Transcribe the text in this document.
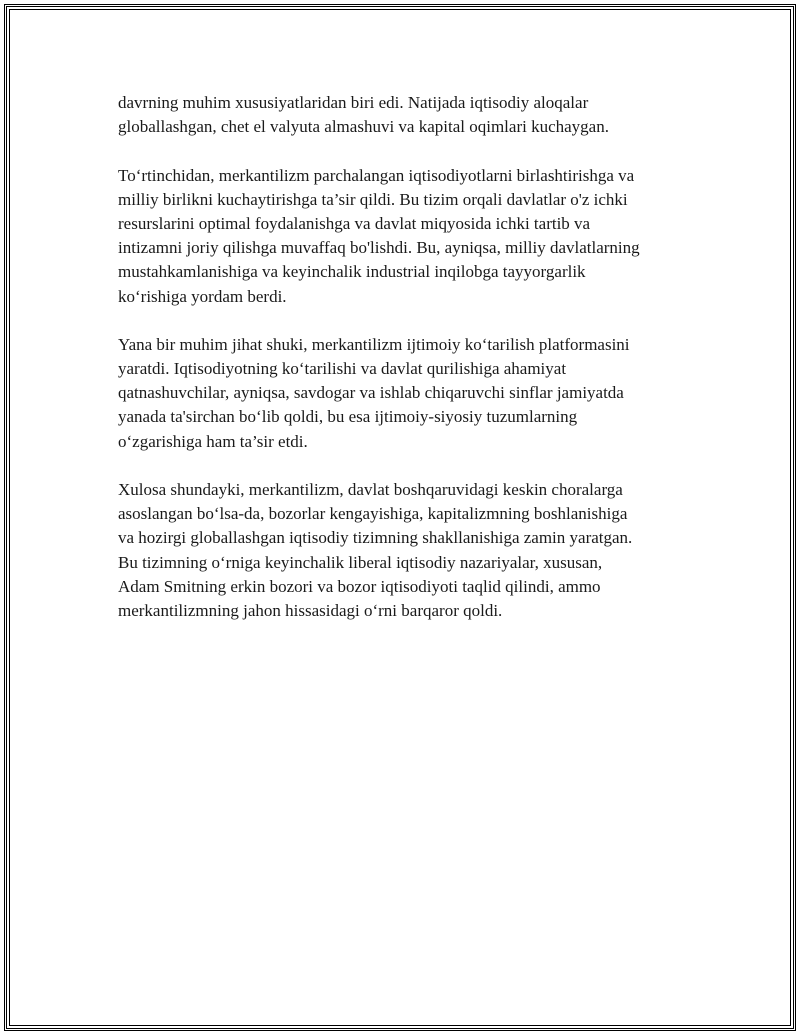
davrning muhim xususiyatlaridan biri edi. Natijada iqtisodiy aloqalar
globallashgan, chet el valyuta almashuvi va kapital oqimlari kuchaygan.
To‘rtinchidan, merkantilizm parchalangan iqtisodiyotlarni birlashtirishga va
milliy birlikni kuchaytirishga ta’sir qildi. Bu tizim orqali davlatlar o'z ichki
resurslarini optimal foydalanishga va davlat miqyosida ichki tartib va
intizamni joriy qilishga muvaffaq bo'lishdi. Bu, ayniqsa, milliy davlatlarning
mustahkamlanishiga va keyinchalik industrial inqilobga tayyorgarlik
ko‘rishiga yordam berdi.
Yana bir muhim jihat shuki, merkantilizm ijtimoiy ko‘tarilish platformasini
yaratdi. Iqtisodiyotning ko‘tarilishi va davlat qurilishiga ahamiyat
qatnashuvchilar, ayniqsa, savdogar va ishlab chiqaruvchi sinflar jamiyatda
yanada ta'sirchan bo‘lib qoldi, bu esa ijtimoiy-siyosiy tuzumlarning
o‘zgarishiga ham ta’sir etdi.
Xulosa shundayki, merkantilizm, davlat boshqaruvidagi keskin choralarga
asoslangan bo‘lsa-da, bozorlar kengayishiga, kapitalizmning boshlanishiga
va hozirgi globallashgan iqtisodiy tizimning shakllanishiga zamin yaratgan.
Bu tizimning o‘rniga keyinchalik liberal iqtisodiy nazariyalar, xususan,
Adam Smitning erkin bozori va bozor iqtisodiyoti taqlid qilindi, ammo
merkantilizmning jahon hissasidagi o‘rni barqaror qoldi.
